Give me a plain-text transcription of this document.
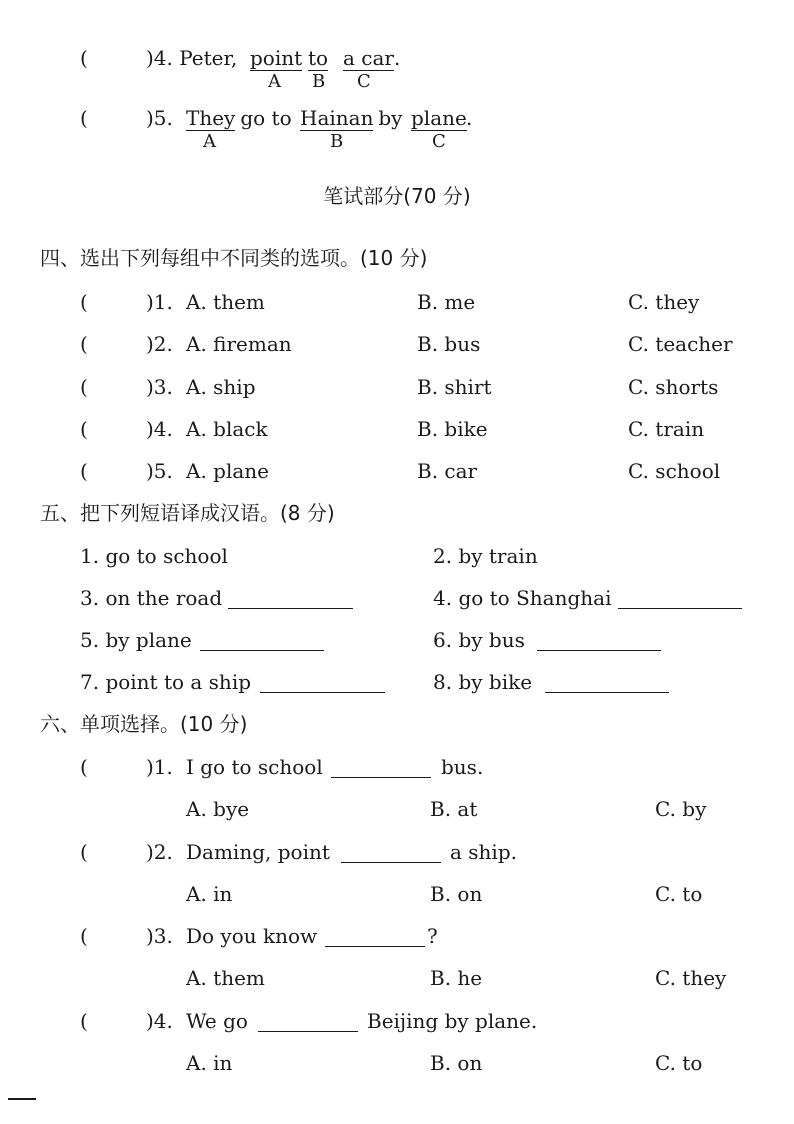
(	)4. Peter, point to a car .
A B C
(	)5. They
go to Hainan
by plane .
A	B	C
笔试部分(70 分)
四、选出下列每组中不同类的选项。(10 分)
(	)1. A. them	B. me	C. they
(	)2. A. fireman	B. bus	C. teacher
(	)3. A. ship	B. shirt	C. shorts
(	)4. A. black	B. bike	C. train
(	)5. A. plane	B. car	C. school
五、把下列短语译成汉语。(8 分)
1. go to school	2. by train
3. on the road	4. go to Shanghai
5. by plane	6. by bus
7. point to a ship	8. by bike
六、单项选择。(10 分)
(	)1. I go to school	bus.
A. bye	B. at	C. by
(	)2. Daming, point	a ship.
A. in	B. on	C. to
(	)3. Do you know	?
A. them	B. he	C. they
(	)4. We go	Beijing by plane.
A. in	B. on	C. to
